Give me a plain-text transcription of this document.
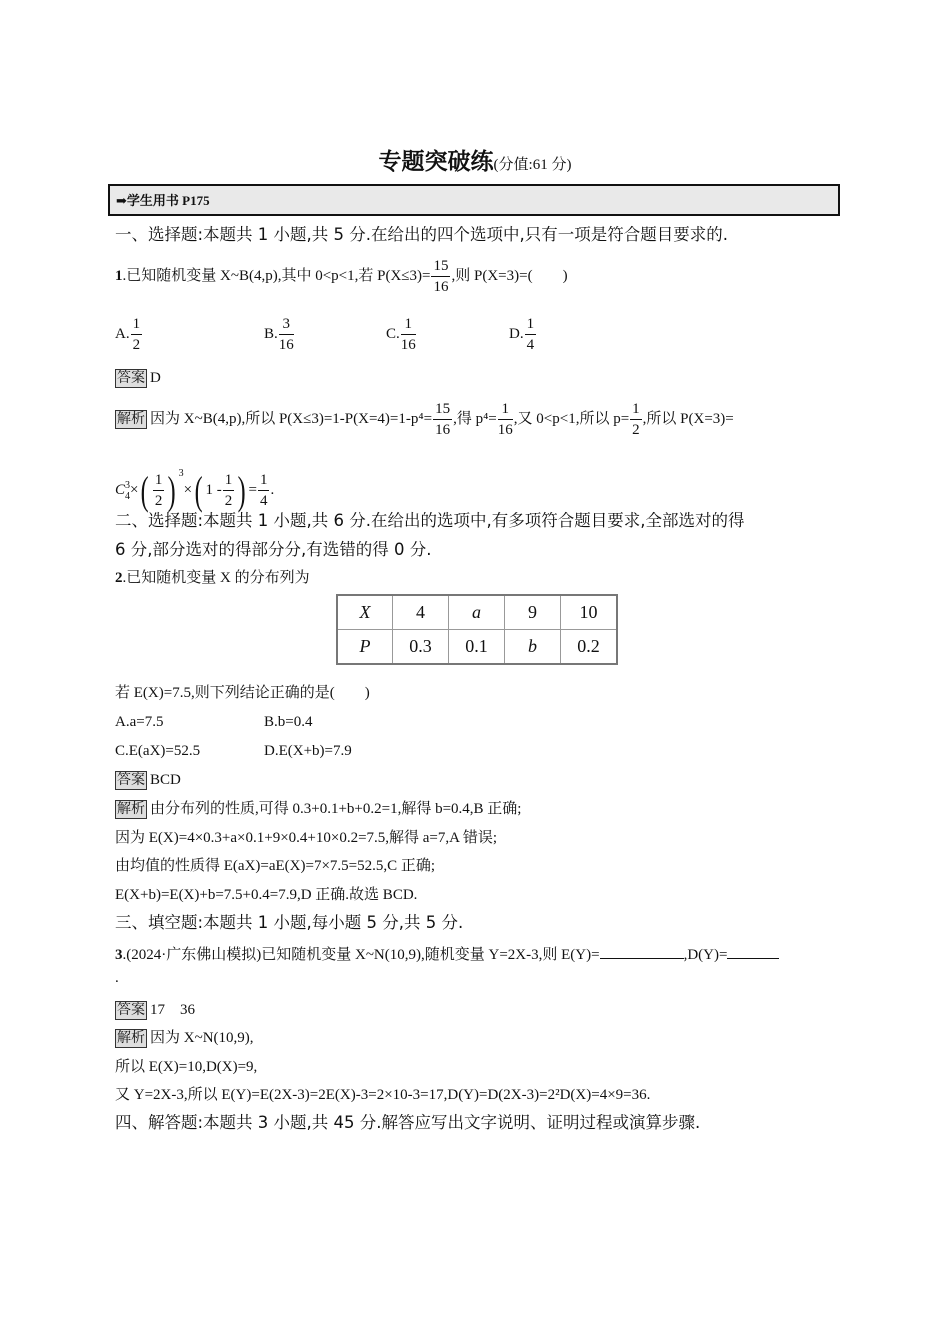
专题突破练(分值:61 分)
➡学生用书 P175
一、选择题:本题共 1 小题,共 5 分.在给出的四个选项中,只有一项是符合题目要求的.
1.已知随机变量 X~B(4,p),其中 0<p<1,若 $P(X\le 3)= \frac{15}{16}$ ,则 P(X=3)=(　　)
A. $\frac{1}{2}$	B. $\frac{3}{16}$	C. $\frac{1}{16}$	D. $\frac{1}{4}$
答案 D
解析 因为 X~B(4,p),所以 $P(X\le 3)=1-P(X=4)=1-p^4= \frac{15}{16}$ ,得 $p^4= \frac{1}{16}$ ,又 0<p<1,所以 $p= \frac{1}{2}$ ,所以 P(X=3)=
C 3
4 ×( $\frac{1}{2}$ ) $^3$×( $1 - \frac{1}{2}$ ) = $\frac{1}{4}$ .
二、选择题:本题共 1 小题,共 6 分.在给出的选项中,有多项符合题目要求,全部选对的得
6 分,部分选对的得部分分,有选错的得 0 分.
2.已知随机变量 X 的分布列为
X	4	a	9	10
P	0.3	0.1	b	0.2
若 E(X)=7.5,则下列结论正确的是(　　)
A.a=7.5	B.b=0.4
C.E(aX)=52.5	D.E(X+b)=7.9
答案 BCD
解析 由分布列的性质,可得 0.3+0.1+b+0.2=1,解得 b=0.4,B 正确;
因为 E(X)=4×0.3+a×0.1+9×0.4+10×0.2=7.5,解得 a=7,A 错误;
由均值的性质得 E(aX)=aE(X)=7×7.5=52.5,C 正确;
E(X+b)=E(X)+b=7.5+0.4=7.9,D 正确.故选 BCD.
三、填空题:本题共 1 小题,每小题 5 分,共 5 分.
3.(2024·广东佛山模拟)已知随机变量 X~N(10,9),随机变量 Y=2X-3,则 E(Y)=	,D(Y)=
.
答案 17　36
解析 因为 X~N(10,9),
所以 E(X)=10,D(X)=9,
又 Y=2X-3,所以 E(Y)=E(2X-3)=2E(X)-3=2×10-3=17,D(Y)=D(2X-3)=2²D(X)=4×9=36.
四、解答题:本题共 3 小题,共 45 分.解答应写出文字说明、证明过程或演算步骤.
